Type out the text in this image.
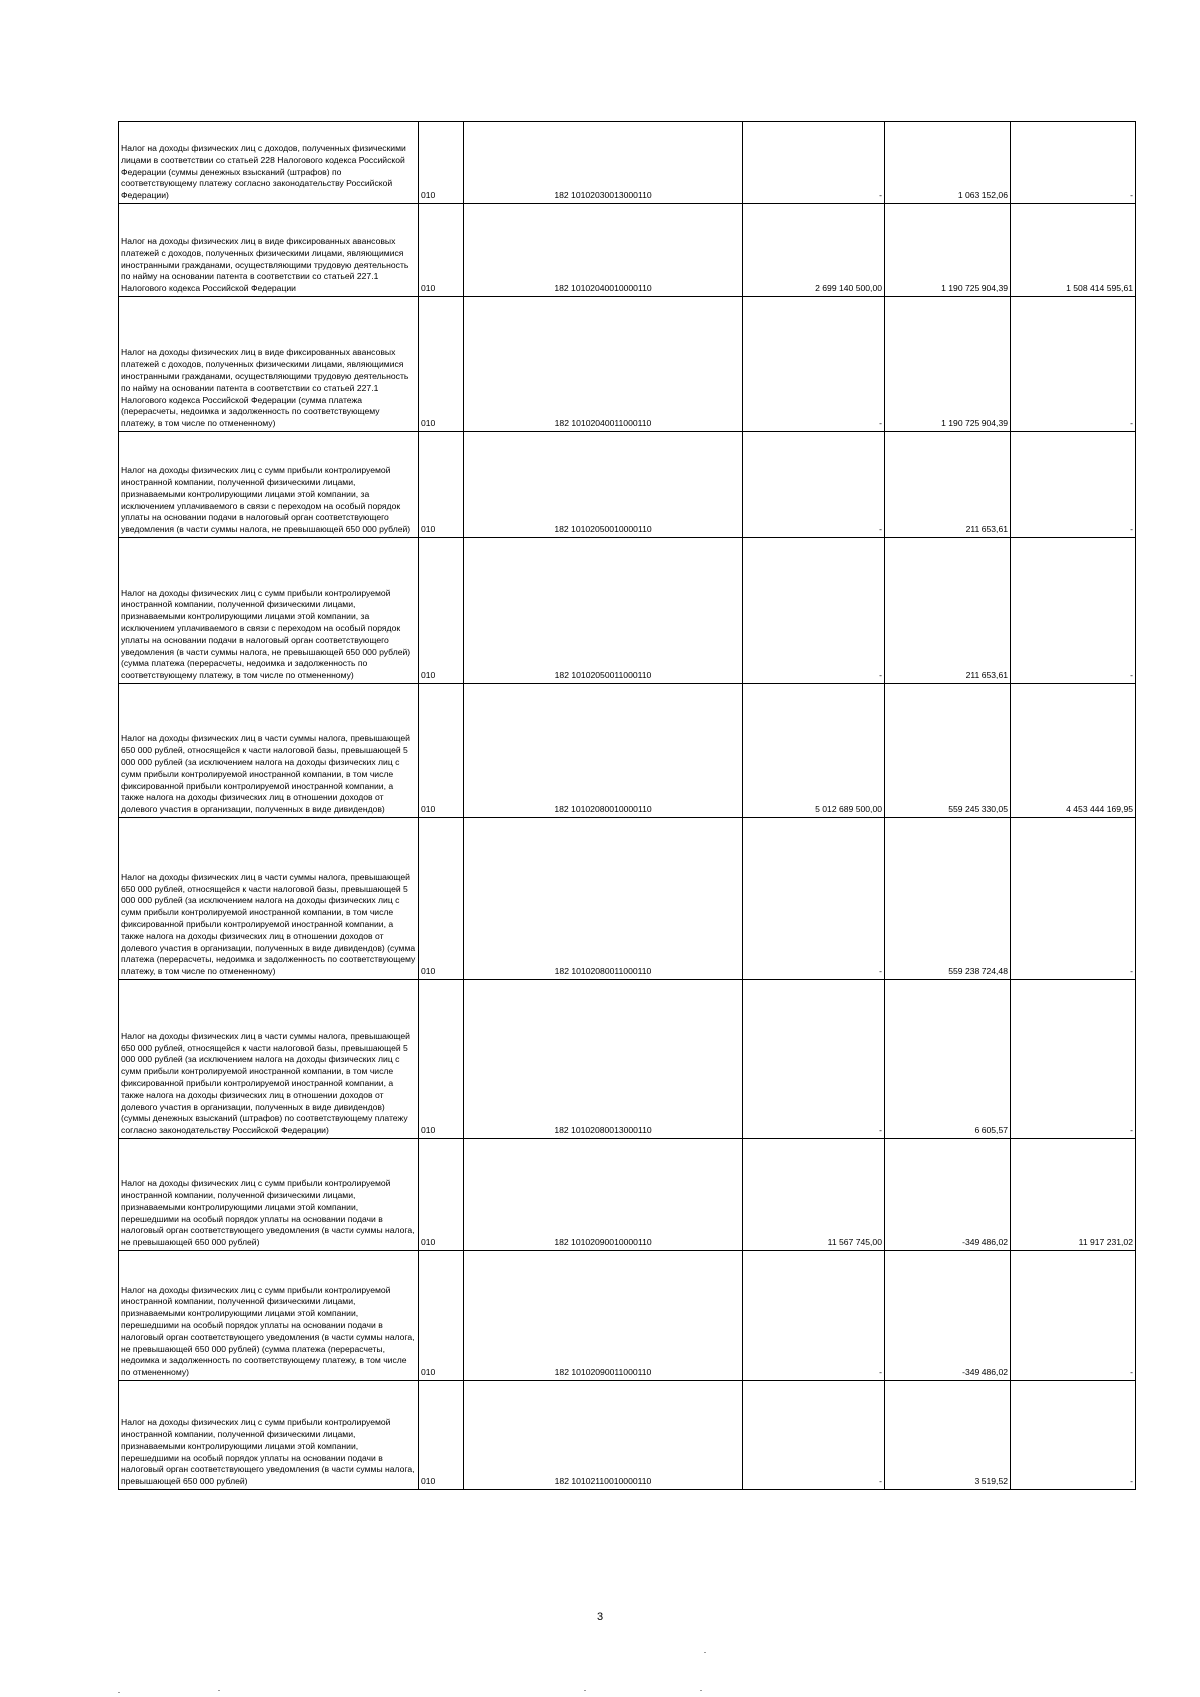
Налог на доходы физических лиц с доходов, полученных физическими лицами в соответствии со статьей 228 Налогового кодекса Российской Федерации (суммы денежных взысканий (штрафов) по соответствующему платежу согласно законодательству Российской Федерации)	010	182 10102030013000110	-	1 063 152,06	-
Налог на доходы физических лиц в виде фиксированных авансовых платежей с доходов, полученных физическими лицами, являющимися иностранными гражданами, осуществляющими трудовую деятельность по найму на основании патента в соответствии со статьей 227.1 Налогового кодекса Российской Федерации	010	182 10102040010000110	2 699 140 500,00	1 190 725 904,39	1 508 414 595,61
Налог на доходы физических лиц в виде фиксированных авансовых платежей с доходов, полученных физическими лицами, являющимися иностранными гражданами, осуществляющими трудовую деятельность по найму на основании патента в соответствии со статьей 227.1 Налогового кодекса Российской Федерации (сумма платежа (перерасчеты, недоимка и задолженность по соответствующему платежу, в том числе по отмененному)	010	182 10102040011000110	-	1 190 725 904,39	-
Налог на доходы физических лиц с сумм прибыли контролируемой иностранной компании, полученной физическими лицами, признаваемыми контролирующими лицами этой компании, за исключением уплачиваемого в связи с переходом на особый порядок уплаты на основании подачи в налоговый орган соответствующего уведомления (в части суммы налога, не превышающей 650 000 рублей)	010	182 10102050010000110	-	211 653,61	-
Налог на доходы физических лиц с сумм прибыли контролируемой иностранной компании, полученной физическими лицами, признаваемыми контролирующими лицами этой компании, за исключением уплачиваемого в связи с переходом на особый порядок уплаты на основании подачи в налоговый орган соответствующего уведомления (в части суммы налога, не превышающей 650 000 рублей) (сумма платежа (перерасчеты, недоимка и задолженность по соответствующему платежу, в том числе по отмененному)	010	182 10102050011000110	-	211 653,61	-
Налог на доходы физических лиц в части суммы налога, превышающей 650 000 рублей, относящейся к части налоговой базы, превышающей 5 000 000 рублей (за исключением налога на доходы физических лиц с сумм прибыли контролируемой иностранной компании, в том числе фиксированной прибыли контролируемой иностранной компании, а также налога на доходы физических лиц в отношении доходов от долевого участия в организации, полученных в виде дивидендов)	010	182 10102080010000110	5 012 689 500,00	559 245 330,05	4 453 444 169,95
Налог на доходы физических лиц в части суммы налога, превышающей 650 000 рублей, относящейся к части налоговой базы, превышающей 5 000 000 рублей (за исключением налога на доходы физических лиц с сумм прибыли контролируемой иностранной компании, в том числе фиксированной прибыли контролируемой иностранной компании, а также налога на доходы физических лиц в отношении доходов от долевого участия в организации, полученных в виде дивидендов) (сумма платежа (перерасчеты, недоимка и задолженность по соответствующему платежу, в том числе по отмененному)	010	182 10102080011000110	-	559 238 724,48	-
Налог на доходы физических лиц в части суммы налога, превышающей 650 000 рублей, относящейся к части налоговой базы, превышающей 5 000 000 рублей (за исключением налога на доходы физических лиц с сумм прибыли контролируемой иностранной компании, в том числе фиксированной прибыли контролируемой иностранной компании, а также налога на доходы физических лиц в отношении доходов от долевого участия в организации, полученных в виде дивидендов) (суммы денежных взысканий (штрафов) по соответствующему платежу согласно законодательству Российской Федерации)	010	182 10102080013000110	-	6 605,57	-
Налог на доходы физических лиц с сумм прибыли контролируемой иностранной компании, полученной физическими лицами, признаваемыми контролирующими лицами этой компании, перешедшими на особый порядок уплаты на основании подачи в налоговый орган соответствующего уведомления (в части суммы налога, не превышающей 650 000 рублей)	010	182 10102090010000110	11 567 745,00	-349 486,02	11 917 231,02
Налог на доходы физических лиц с сумм прибыли контролируемой иностранной компании, полученной физическими лицами, признаваемыми контролирующими лицами этой компании, перешедшими на особый порядок уплаты на основании подачи в налоговый орган соответствующего уведомления (в части суммы налога, не превышающей 650 000 рублей) (сумма платежа (перерасчеты, недоимка и задолженность по соответствующему платежу, в том числе по отмененному)	010	182 10102090011000110	-	-349 486,02	-
Налог на доходы физических лиц с сумм прибыли контролируемой иностранной компании, полученной физическими лицами, признаваемыми контролирующими лицами этой компании, перешедшими на особый порядок уплаты на основании подачи в налоговый орган соответствующего уведомления (в части суммы налога, превышающей 650 000 рублей)	010	182 10102110010000110	-	3 519,52	-
3
